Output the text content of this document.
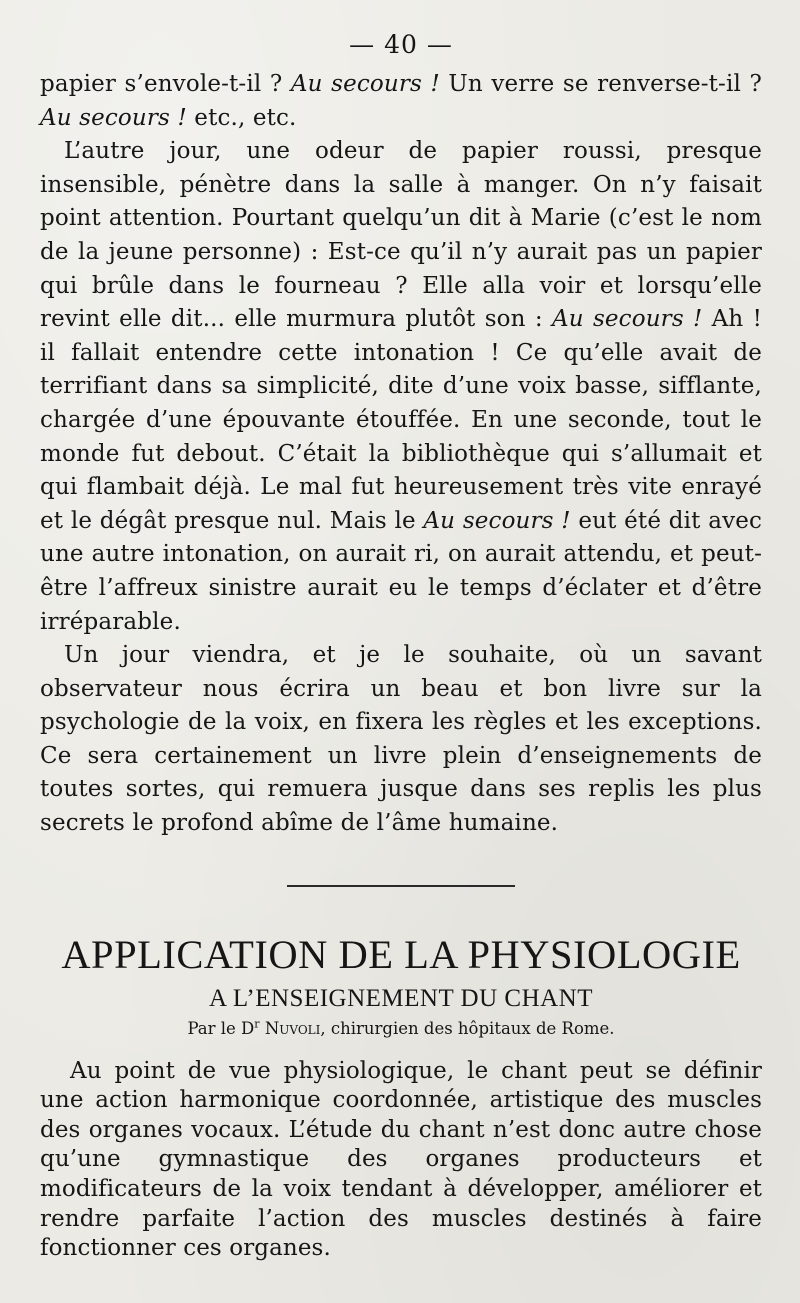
— 40 —

papier s’envole-t-il ? Au secours ! Un verre se renverse-t-il ? Au secours ! etc., etc.

L’autre jour, une odeur de papier roussi, presque insensible, pénètre dans la salle à manger. On n’y faisait point attention. Pourtant quelqu’un dit à Marie (c’est le nom de la jeune personne) : Est-ce qu’il n’y aurait pas un papier qui brûle dans le fourneau ? Elle alla voir et lorsqu’elle revint elle dit... elle murmura plutôt son : Au secours ! Ah ! il fallait entendre cette intonation ! Ce qu’elle avait de terrifiant dans sa simplicité, dite d’une voix basse, sifflante, chargée d’une épouvante étouffée. En une seconde, tout le monde fut debout. C’était la bibliothèque qui s’allumait et qui flambait déjà. Le mal fut heureusement très vite enrayé et le dégât presque nul. Mais le Au secours ! eut été dit avec une autre intonation, on aurait ri, on aurait attendu, et peut-être l’affreux sinistre aurait eu le temps d’éclater et d’être irréparable.

Un jour viendra, et je le souhaite, où un savant observateur nous écrira un beau et bon livre sur la psychologie de la voix, en fixera les règles et les exceptions. Ce sera certainement un livre plein d’enseignements de toutes sortes, qui remuera jusque dans ses replis les plus secrets le profond abîme de l’âme humaine.

APPLICATION DE LA PHYSIOLOGIE
A L’ENSEIGNEMENT DU CHANT
Par le $D^r$ Nuvoli, chirurgien des hôpitaux de Rome.

Au point de vue physiologique, le chant peut se définir une action harmonique coordonnée, artistique des muscles des organes vocaux. L’étude du chant n’est donc autre chose qu’une gymnastique des organes producteurs et modificateurs de la voix tendant à développer, améliorer et rendre parfaite l’action des muscles destinés à faire fonctionner ces organes.
